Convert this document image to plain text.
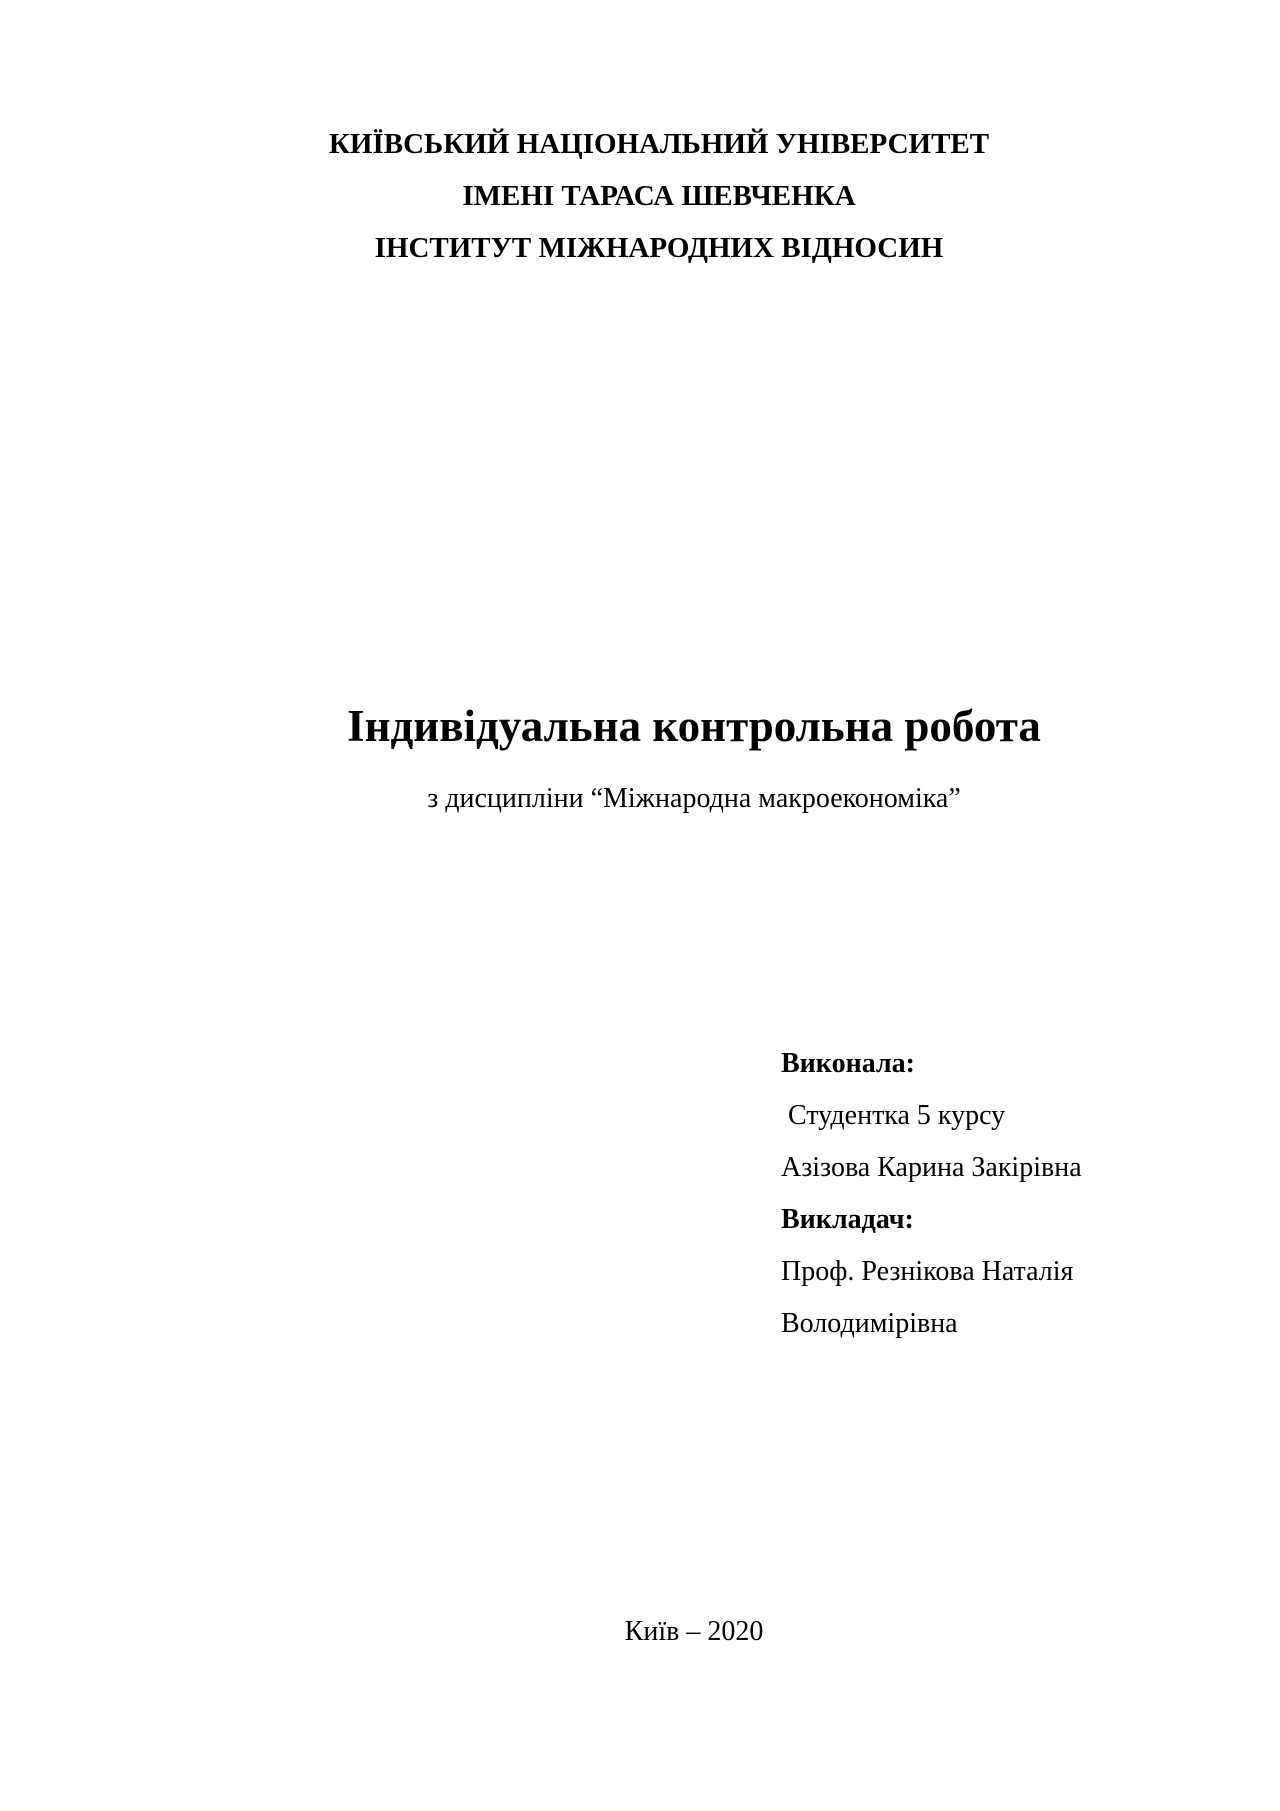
КИЇВСЬКИЙ НАЦІОНАЛЬНИЙ УНІВЕРСИТЕТ
ІМЕНІ ТАРАСА ШЕВЧЕНКА
ІНСТИТУТ МІЖНАРОДНИХ ВІДНОСИН
Індивідуальна контрольна робота
з дисципліни “Міжнародна макроекономіка”
Виконала:
Студентка 5 курсу
Азізова Карина Закірівна
Викладач:
Проф. Резнікова Наталія
Володимірівна
Київ – 2020
